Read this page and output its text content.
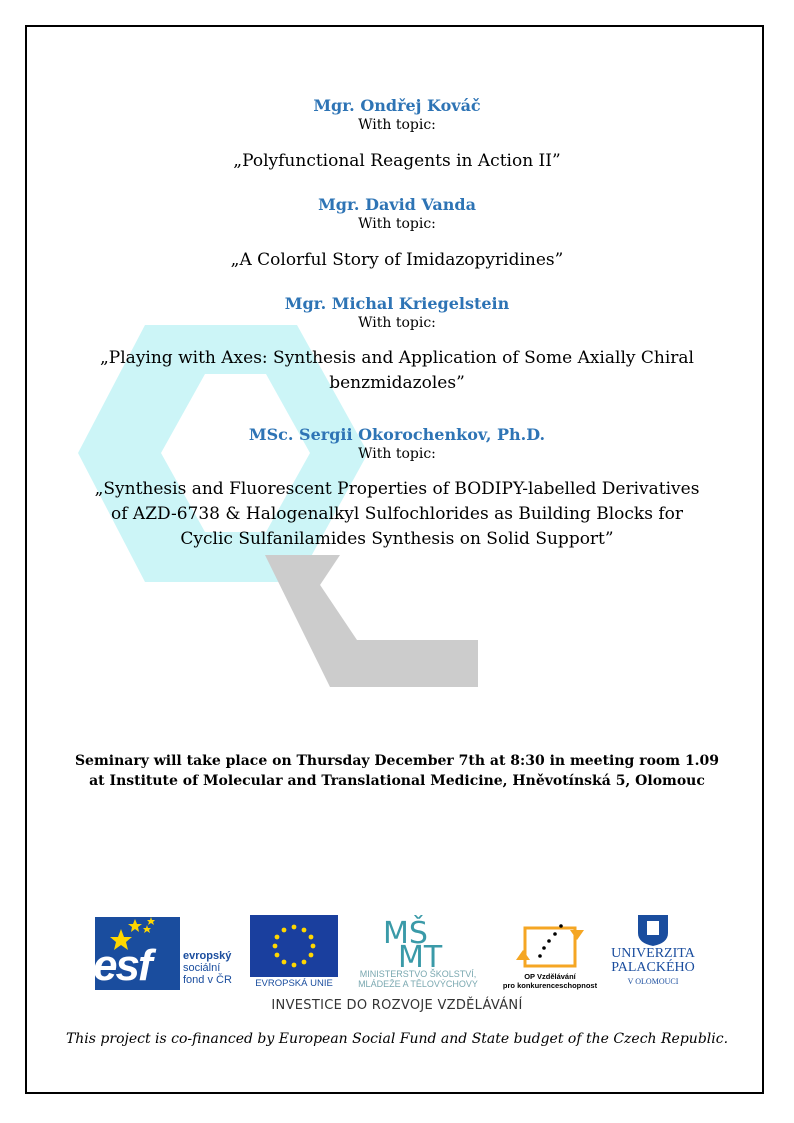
Mgr. Ondřej Kováč
With topic:
„Polyfunctional Reagents in Action II”
Mgr. David Vanda
With topic:
„A Colorful Story of Imidazopyridines”
Mgr. Michal Kriegelstein
With topic:
„Playing with Axes: Synthesis and Application of Some Axially Chiral benzmidazoles”
MSc. Sergii Okorochenkov, Ph.D.
With topic:
„Synthesis and Fluorescent Properties of BODIPY-labelled Derivatives of AZD-6738 & Halogenalkyl Sulfochlorides as Building Blocks for Cyclic Sulfanilamides Synthesis on Solid Support”
Seminary will take place on Thursday December 7th at 8:30 in meeting room 1.09
at Institute of Molecular and Translational Medicine, Hněvotínská 5, Olomouc
esf	evropský
sociální
fond v ČR	EVROPSKÁ UNIE
MŠ
MT
MINISTERSTVO ŠKOLSTVÍ,
MLÁDEŽE A TĚLOVÝCHOVY
OP Vzdělávání
pro konkurenceschopnost
UNIVERZITA
PALACKÉHO
V OLOMOUCI
INVESTICE DO ROZVOJE VZDĚLÁVÁNÍ
This project is co-financed by European Social Fund and State budget of the Czech Republic.
